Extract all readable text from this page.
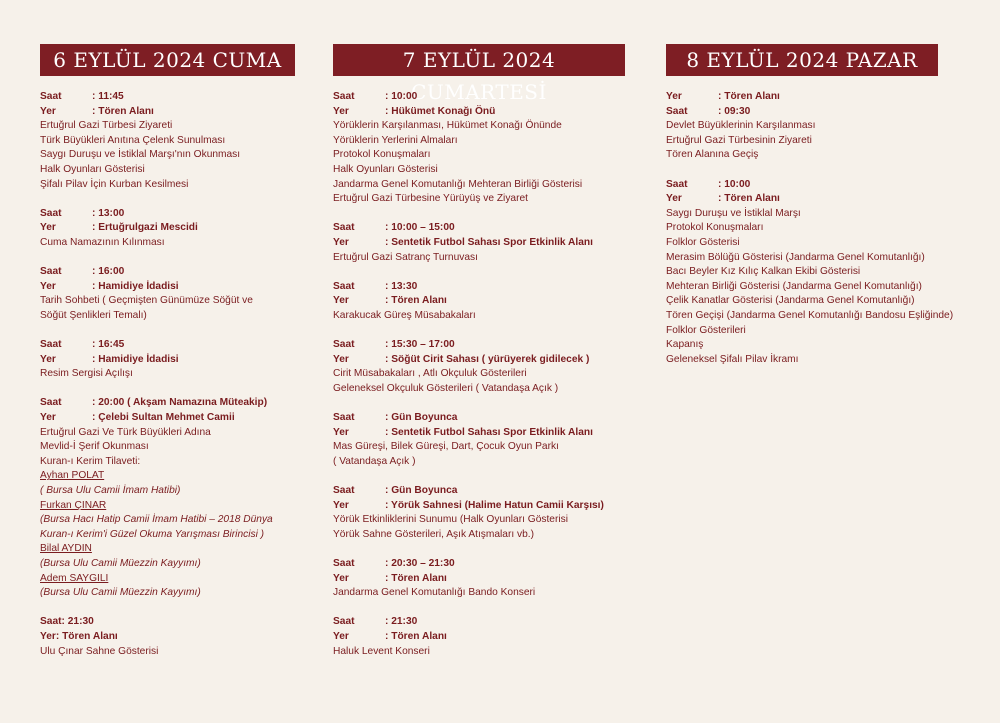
6 EYLÜL 2024 CUMA
Saat	: 11:45
Yer	: Tören Alanı
Ertuğrul Gazi Türbesi Ziyareti
Türk Büyükleri Anıtına Çelenk Sunulması
Saygı Duruşu ve İstiklal Marşı'nın Okunması
Halk Oyunları Gösterisi
Şifalı Pilav İçin Kurban Kesilmesi
Saat	: 13:00
Yer	: Ertuğrulgazi Mescidi
Cuma Namazının Kılınması
Saat	: 16:00
Yer	: Hamidiye İdadisi
Tarih Sohbeti ( Geçmişten Günümüze Söğüt ve
Söğüt Şenlikleri Temalı)
Saat	: 16:45
Yer	: Hamidiye İdadisi
Resim Sergisi Açılışı
Saat	: 20:00 ( Akşam Namazına Müteakip)
Yer	: Çelebi Sultan Mehmet Camii
Ertuğrul Gazi Ve Türk Büyükleri Adına
Mevlid-İ Şerif Okunması
Kuran-ı Kerim Tilaveti:
Ayhan POLAT
( Bursa Ulu Camii İmam Hatibi)
Furkan ÇINAR
(Bursa Hacı Hatip Camii İmam Hatibi – 2018 Dünya
Kuran-ı Kerim'i Güzel Okuma Yarışması Birincisi )
Bilal AYDIN
(Bursa Ulu Camii Müezzin Kayyımı)
Adem SAYGILI
(Bursa Ulu Camii Müezzin Kayyımı)
Saat: 21:30
Yer: Tören Alanı
Ulu Çınar Sahne Gösterisi
7 EYLÜL 2024 CUMARTESİ
Saat	: 10:00
Yer	: Hükümet Konağı Önü
Yörüklerin Karşılanması, Hükümet Konağı Önünde
Yörüklerin Yerlerini Almaları
Protokol Konuşmaları
Halk Oyunları Gösterisi
Jandarma Genel Komutanlığı Mehteran Birliği Gösterisi
Ertuğrul Gazi Türbesine Yürüyüş ve Ziyaret
Saat	: 10:00 – 15:00
Yer	: Sentetik Futbol Sahası Spor Etkinlik Alanı
Ertuğrul Gazi Satranç Turnuvası
Saat	: 13:30
Yer	: Tören Alanı
Karakucak Güreş Müsabakaları
Saat	: 15:30 – 17:00
Yer	: Söğüt Cirit Sahası ( yürüyerek gidilecek )
Cirit Müsabakaları , Atlı Okçuluk Gösterileri
Geleneksel Okçuluk Gösterileri ( Vatandaşa Açık )
Saat	: Gün Boyunca
Yer	: Sentetik Futbol Sahası Spor Etkinlik Alanı
Mas Güreşi, Bilek Güreşi, Dart, Çocuk Oyun Parkı
( Vatandaşa Açık )
Saat	: Gün Boyunca
Yer	: Yörük Sahnesi (Halime Hatun Camii Karşısı)
Yörük Etkinliklerini Sunumu (Halk Oyunları Gösterisi
Yörük Sahne Gösterileri, Aşık Atışmaları vb.)
Saat	: 20:30 – 21:30
Yer	: Tören Alanı
Jandarma Genel Komutanlığı Bando Konseri
Saat	: 21:30
Yer	: Tören Alanı
Haluk Levent Konseri
8 EYLÜL 2024 PAZAR
Yer	: Tören Alanı
Saat	: 09:30
Devlet Büyüklerinin Karşılanması
Ertuğrul Gazi Türbesinin Ziyareti
Tören Alanına Geçiş
Saat	: 10:00
Yer	: Tören Alanı
Saygı Duruşu ve İstiklal Marşı
Protokol Konuşmaları
Folklor Gösterisi
Merasim Bölüğü Gösterisi (Jandarma Genel Komutanlığı)
Bacı Beyler Kız Kılıç Kalkan Ekibi Gösterisi
Mehteran Birliği Gösterisi (Jandarma Genel Komutanlığı)
Çelik Kanatlar Gösterisi (Jandarma Genel Komutanlığı)
Tören Geçişi (Jandarma Genel Komutanlığı Bandosu Eşliğinde)
Folklor Gösterileri
Kapanış
Geleneksel Şifalı Pilav İkramı
